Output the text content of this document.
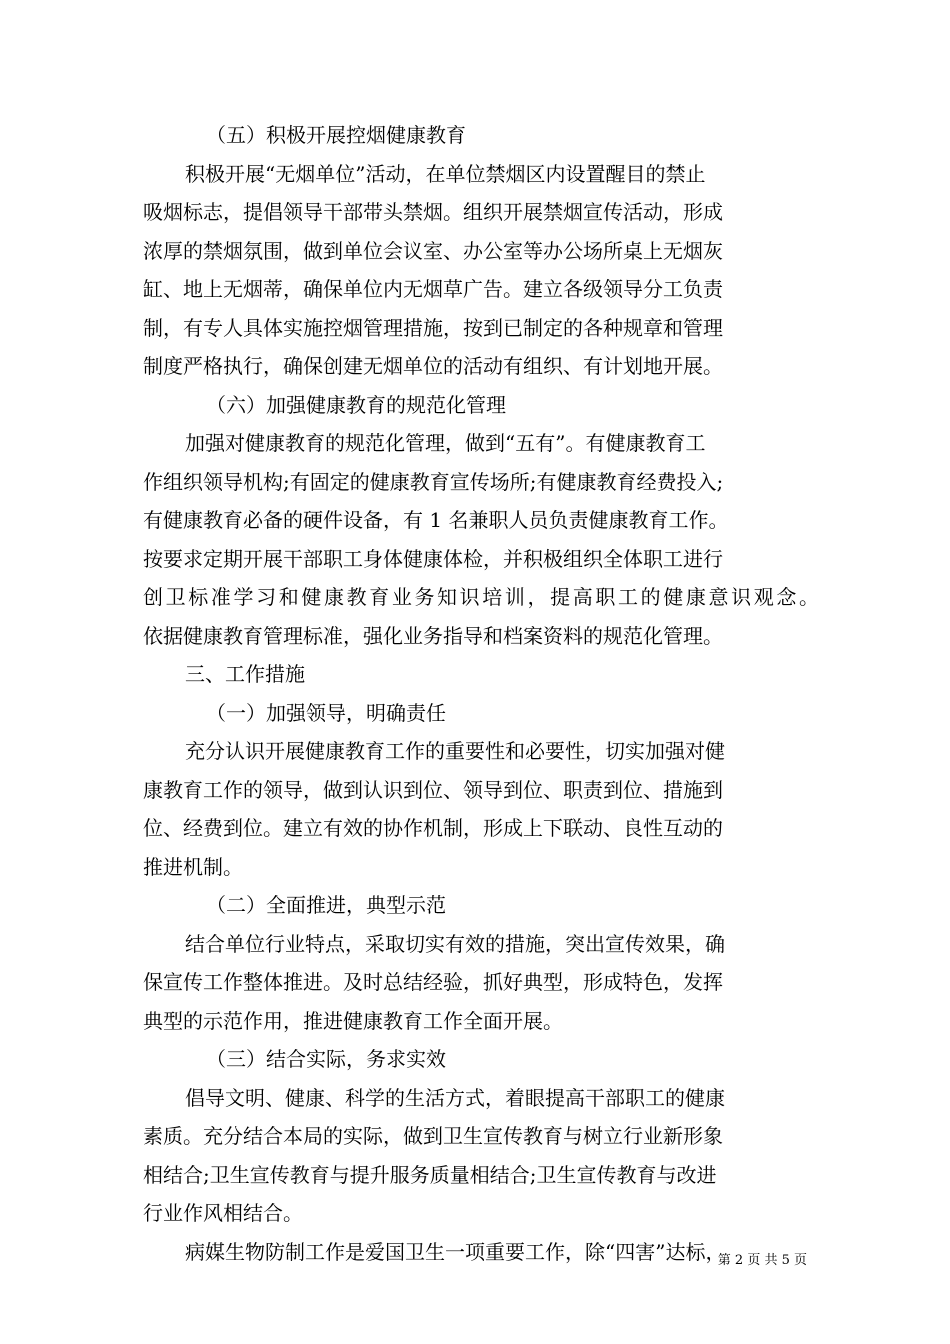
（五）积极开展控烟健康教育
积极开展“无烟单位”活动，在单位禁烟区内设置醒目的禁止
吸烟标志，提倡领导干部带头禁烟。组织开展禁烟宣传活动，形成
浓厚的禁烟氛围，做到单位会议室、办公室等办公场所桌上无烟灰
缸、地上无烟蒂，确保单位内无烟草广告。建立各级领导分工负责
制，有专人具体实施控烟管理措施，按到已制定的各种规章和管理
制度严格执行，确保创建无烟单位的活动有组织、有计划地开展。
（六）加强健康教育的规范化管理
加强对健康教育的规范化管理，做到“五有”。有健康教育工
作组织领导机构;有固定的健康教育宣传场所;有健康教育经费投入;
有健康教育必备的硬件设备，有 1 名兼职人员负责健康教育工作。
按要求定期开展干部职工身体健康体检，并积极组织全体职工进行
创卫标准学习和健康教育业务知识培训，提高职工的健康意识观念。
依据健康教育管理标准，强化业务指导和档案资料的规范化管理。
三、工作措施
（一）加强领导，明确责任
充分认识开展健康教育工作的重要性和必要性，切实加强对健
康教育工作的领导，做到认识到位、领导到位、职责到位、措施到
位、经费到位。建立有效的协作机制，形成上下联动、良性互动的
推进机制。
（二）全面推进，典型示范
结合单位行业特点，采取切实有效的措施，突出宣传效果，确
保宣传工作整体推进。及时总结经验，抓好典型，形成特色，发挥
典型的示范作用，推进健康教育工作全面开展。
（三）结合实际，务求实效
倡导文明、健康、科学的生活方式，着眼提高干部职工的健康
素质。充分结合本局的实际，做到卫生宣传教育与树立行业新形象
相结合;卫生宣传教育与提升服务质量相结合;卫生宣传教育与改进
行业作风相结合。
病媒生物防制工作是爱国卫生一项重要工作，除“四害”达标，
第 2 页 共 5 页
